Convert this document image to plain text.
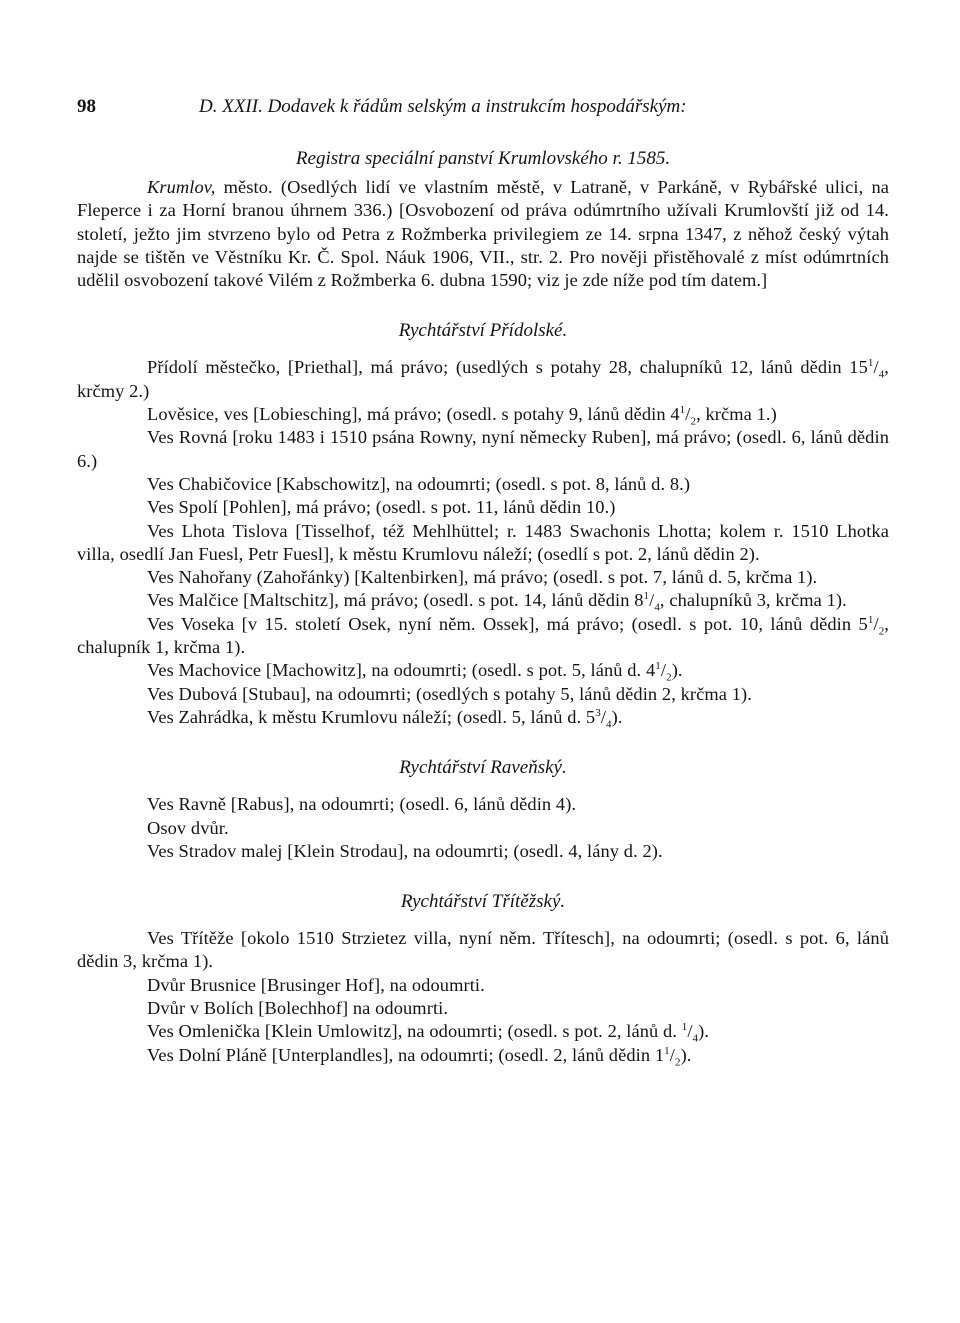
98	D. XXII. Dodavek k řádům selským a instrukcím hospodářským:
Registra speciální panství Krumlovského r. 1585.

Krumlov, město. (Osedlých lidí ve vlastním městě, v Latraně, v Parkáně, v Rybářské ulici, na Fleperce i za Horní branou úhrnem 336.) [Osvobození od práva odúmrtního užívali Krumlovští již od 14. století, ježto jim stvrzeno bylo od Petra z Rožmberka privilegiem ze 14. srpna 1347, z něhož český výtah najde se tištěn ve Věstníku Kr. Č. Spol. Náuk 1906, VII., str. 2. Pro nověji přistěhovalé z míst odúmrtních udělil osvobození takové Vilém z Rožmberka 6. dubna 1590; viz je zde níže pod tím datem.]

Rychtářství Přídolské.

Přídolí městečko, [Priethal], má právo; (usedlých s potahy 28, chalupníků 12, lánů dědin $15^1/_4$, krčmy 2.)

Lověsice, ves [Lobiesching], má právo; (osedl. s potahy 9, lánů dědin $4^1/_2$, krčma 1.)

Ves Rovná [roku 1483 i 1510 psána Rowny, nyní německy Ruben], má právo; (osedl. 6, lánů dědin 6.)

Ves Chabičovice [Kabschowitz], na odoumrti; (osedl. s pot. 8, lánů d. 8.)

Ves Spolí [Pohlen], má právo; (osedl. s pot. 11, lánů dědin 10.)

Ves Lhota Tislova [Tisselhof, též Mehlhüttel; r. 1483 Swachonis Lhotta; kolem r. 1510 Lhotka villa, osedlí Jan Fuesl, Petr Fuesl], k městu Krumlovu náleží; (osedlí s pot. 2, lánů dědin 2).

Ves Nahořany (Zahořánky) [Kaltenbirken], má právo; (osedl. s pot. 7, lánů d. 5, krčma 1).

Ves Malčice [Maltschitz], má právo; (osedl. s pot. 14, lánů dědin $8^1/_4$, chalupníků 3, krčma 1).

Ves Voseka [v 15. století Osek, nyní něm. Ossek], má právo; (osedl. s pot. 10, lánů dědin $5^1/_2$, chalupník 1, krčma 1).

Ves Machovice [Machowitz], na odoumrti; (osedl. s pot. 5, lánů d. $4^1/_2$).

Ves Dubová [Stubau], na odoumrti; (osedlých s potahy 5, lánů dědin 2, krčma 1).

Ves Zahrádka, k městu Krumlovu náleží; (osedl. 5, lánů d. $5^3/_4$).

Rychtářství Raveňský.

Ves Ravně [Rabus], na odoumrti; (osedl. 6, lánů dědin 4).

Osov dvůr.

Ves Stradov malej [Klein Strodau], na odoumrti; (osedl. 4, lány d. 2).

Rychtářství Třítěžský.

Ves Třítěže [okolo 1510 Strzietez villa, nyní něm. Třítesch], na odoumrti; (osedl. s pot. 6, lánů dědin 3, krčma 1).

Dvůr Brusnice [Brusinger Hof], na odoumrti.

Dvůr v Bolích [Bolechhof] na odoumrti.

Ves Omlenička [Klein Umlowitz], na odoumrti; (osedl. s pot. 2, lánů d. $^1/_4$).

Ves Dolní Pláně [Unterplandles], na odoumrti; (osedl. 2, lánů dědin $1^1/_2$).
